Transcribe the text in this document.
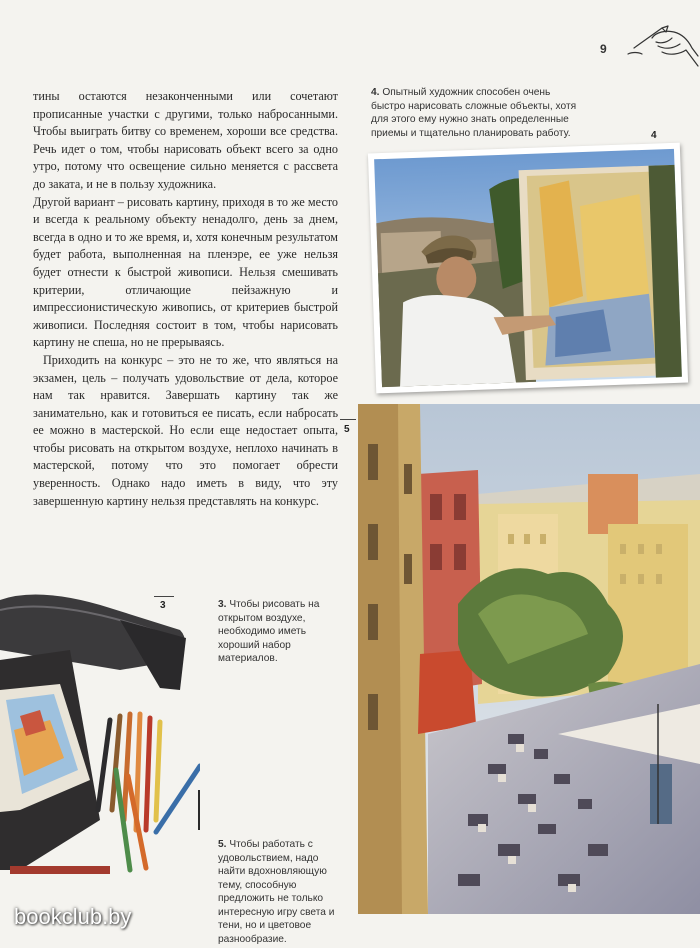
9

тины остаются незаконченными или сочетают прописанные участки с другими, только набросанными. Чтобы выиграть битву со временем, хороши все средства. Речь идет о том, чтобы нарисовать объект всего за одно утро, потому что освещение сильно меняется с рассвета до заката, и не в пользу художника.

Другой вариант – рисовать картину, приходя в то же место и всегда к реальному объекту ненадолго, день за днем, всегда в одно и то же время, и, хотя конечным результатом будет работа, выполненная на пленэре, ее уже нельзя будет отнести к быстрой живописи. Нельзя смешивать критерии, отличающие пейзажную и импрессионистическую живопись, от критериев быстрой живописи. Последняя состоит в том, чтобы нарисовать картину не спеша, но не прерываясь.

Приходить на конкурс – это не то же, что являться на экзамен, цель – получать удовольствие от дела, которое нам так нравится. Завершать картину так же занимательно, как и готовиться ее писать, если набросать ее можно в мастерской. Но если еще недостает опыта, чтобы рисовать на открытом воздухе, неплохо начинать в мастерской, потому что это помогает обрести уверенность. Однако надо иметь в виду, что эту завершенную картину нельзя представлять на конкурс.

4. Опытный художник способен очень быстро нарисовать сложные объекты, хотя для этого ему нужно знать определенные приемы и тщательно планировать работу.	4
5
3	3. Чтобы рисовать на открытом воздухе, необходимо иметь хороший набор материалов.

5. Чтобы работать с удовольствием, надо найти вдохновляющую тему, способную предложить не только интересную игру света и тени, но и цветовое разнообразие.

bookclub.by
